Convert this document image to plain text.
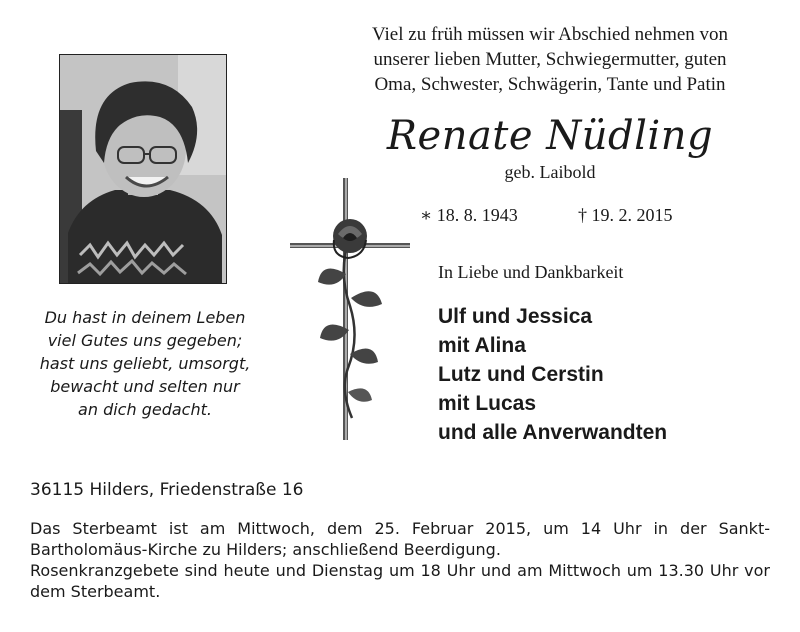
Viel zu früh müssen wir Abschied nehmen von
unserer lieben Mutter, Schwiegermutter, guten
Oma, Schwester, Schwägerin, Tante und Patin
Renate Nüdling
geb. Laibold
∗ 18. 8. 1943	† 19. 2. 2015
In Liebe und Dankbarkeit
Ulf und Jessica
mit Alina
Lutz und Cerstin
mit Lucas
und alle Anverwandten
Du hast in deinem Leben
viel Gutes uns gegeben;
hast uns geliebt, umsorgt,
bewacht und selten nur
an dich gedacht.
36115 Hilders, Friedenstraße 16

Das Sterbeamt ist am Mittwoch, dem 25. Februar 2015, um 14 Uhr in der Sankt-Bartholomäus-Kirche zu Hilders; anschließend Beerdigung.

Rosenkranzgebete sind heute und Dienstag um 18 Uhr und am Mittwoch um 13.30 Uhr vor dem Sterbeamt.
